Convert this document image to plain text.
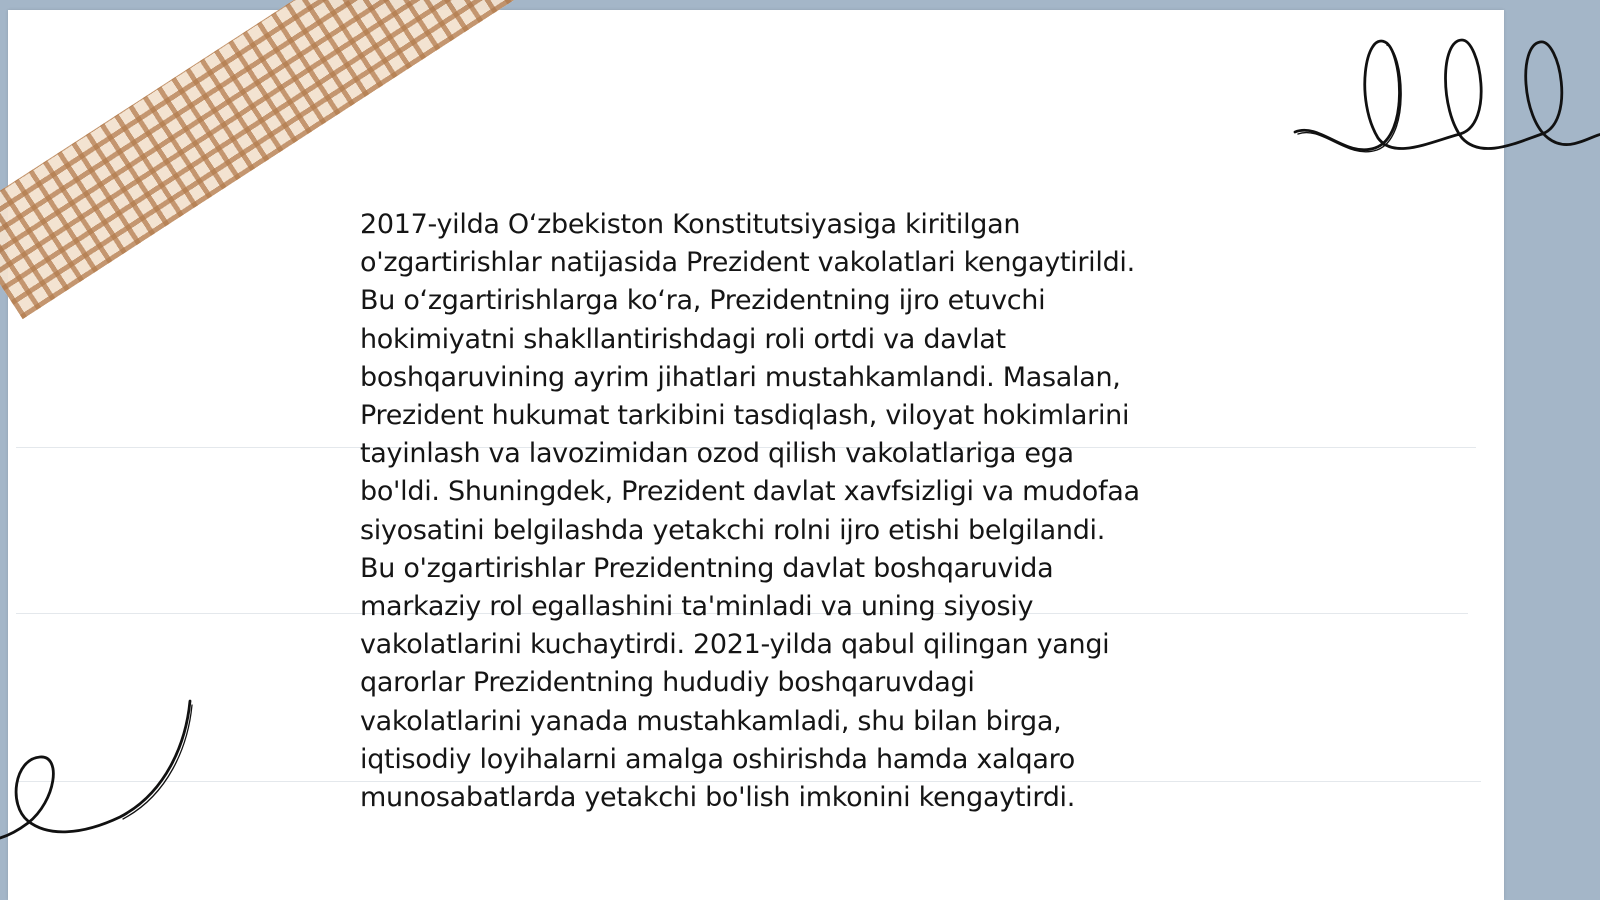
2017-yilda O‘zbekiston Konstitutsiyasiga kiritilgan
o'zgartirishlar natijasida Prezident vakolatlari kengaytirildi.
Bu o‘zgartirishlarga ko‘ra, Prezidentning ijro etuvchi
hokimiyatni shakllantirishdagi roli ortdi va davlat
boshqaruvining ayrim jihatlari mustahkamlandi. Masalan,
Prezident hukumat tarkibini tasdiqlash, viloyat hokimlarini
tayinlash va lavozimidan ozod qilish vakolatlariga ega
bo'ldi. Shuningdek, Prezident davlat xavfsizligi va mudofaa
siyosatini belgilashda yetakchi rolni ijro etishi belgilandi.
Bu o'zgartirishlar Prezidentning davlat boshqaruvida
markaziy rol egallashini ta'minladi va uning siyosiy
vakolatlarini kuchaytirdi. 2021-yilda qabul qilingan yangi
qarorlar Prezidentning hududiy boshqaruvdagi
vakolatlarini yanada mustahkamladi, shu bilan birga,
iqtisodiy loyihalarni amalga oshirishda hamda xalqaro
munosabatlarda yetakchi bo'lish imkonini kengaytirdi.
